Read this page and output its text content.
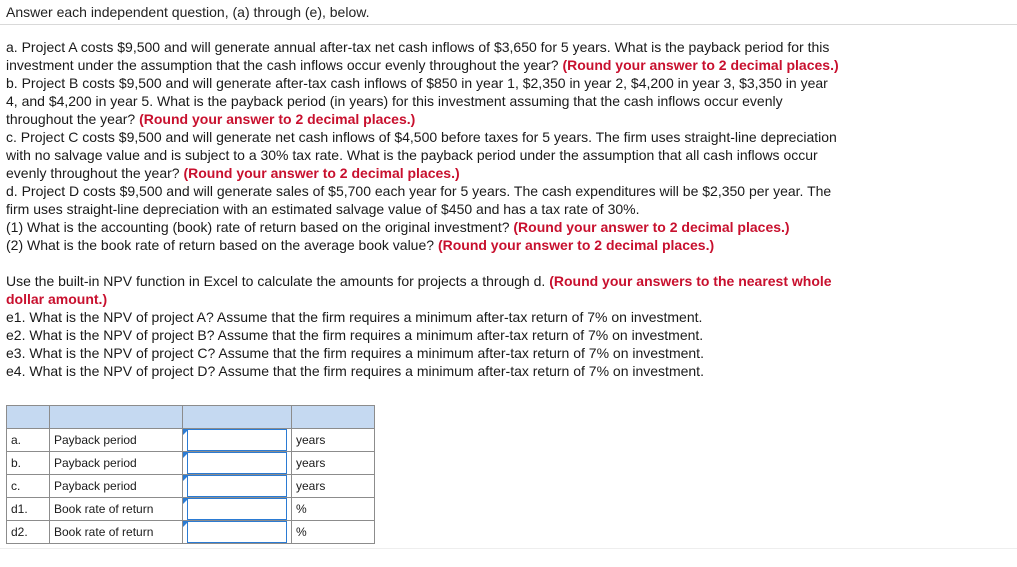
Answer each independent question, (a) through (e), below.
a. Project A costs $9,500 and will generate annual after-tax net cash inflows of $3,650 for 5 years. What is the payback period for this
investment under the assumption that the cash inflows occur evenly throughout the year? (Round your answer to 2 decimal places.)
b. Project B costs $9,500 and will generate after-tax cash inflows of $850 in year 1, $2,350 in year 2, $4,200 in year 3, $3,350 in year
4, and $4,200 in year 5. What is the payback period (in years) for this investment assuming that the cash inflows occur evenly
throughout the year? (Round your answer to 2 decimal places.)
c. Project C costs $9,500 and will generate net cash inflows of $4,500 before taxes for 5 years. The firm uses straight-line depreciation
with no salvage value and is subject to a 30% tax rate. What is the payback period under the assumption that all cash inflows occur
evenly throughout the year? (Round your answer to 2 decimal places.)
d. Project D costs $9,500 and will generate sales of $5,700 each year for 5 years. The cash expenditures will be $2,350 per year. The
firm uses straight-line depreciation with an estimated salvage value of $450 and has a tax rate of 30%.
(1) What is the accounting (book) rate of return based on the original investment? (Round your answer to 2 decimal places.)
(2) What is the book rate of return based on the average book value? (Round your answer to 2 decimal places.)
Use the built-in NPV function in Excel to calculate the amounts for projects a through d. (Round your answers to the nearest whole
dollar amount.)
e1. What is the NPV of project A? Assume that the firm requires a minimum after-tax return of 7% on investment.
e2. What is the NPV of project B? Assume that the firm requires a minimum after-tax return of 7% on investment.
e3. What is the NPV of project C? Assume that the firm requires a minimum after-tax return of 7% on investment.
e4. What is the NPV of project D? Assume that the firm requires a minimum after-tax return of 7% on investment.

a.	Payback period		years
b.	Payback period		years
c.	Payback period		years
d1.	Book rate of return		%
d2.	Book rate of return		%
